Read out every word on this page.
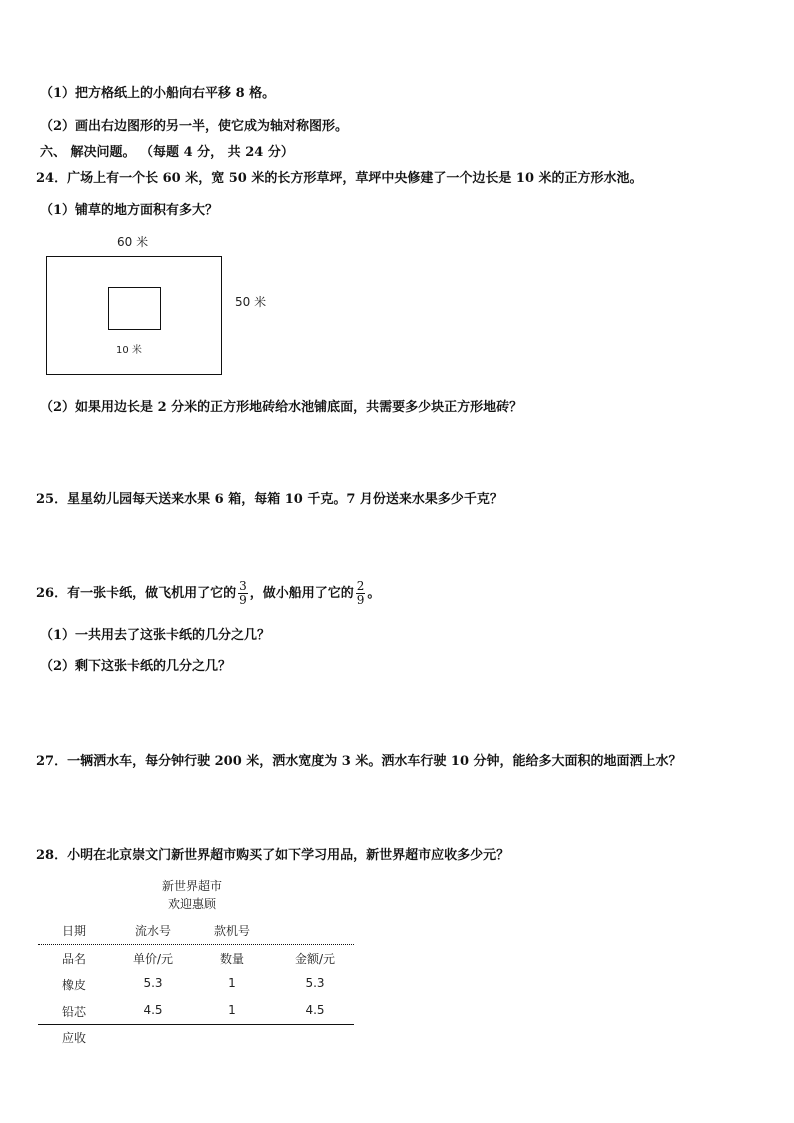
（1）把方格纸上的小船向右平移 8 格。
（2）画出右边图形的另一半，使它成为轴对称图形。
六、 解决问题。 （每题 4 分， 共 24 分）
24．广场上有一个长 60 米，宽 50 米的长方形草坪，草坪中央修建了一个边长是 10 米的正方形水池。
（1）铺草的地方面积有多大？
60 米
10 米
50 米
（2）如果用边长是 2 分米的正方形地砖给水池铺底面，共需要多少块正方形地砖？
25．星星幼儿园每天送来水果 6 箱，每箱 10 千克。7 月份送来水果多少千克？
26．有一张卡纸，做飞机用了它的 $\frac{3}{9}$ ，做小船用了它的 $\frac{2}{9}$ 。
（1）一共用去了这张卡纸的几分之几？
（2）剩下这张卡纸的几分之几？
27．一辆洒水车，每分钟行驶 200 米，洒水宽度为 3 米。洒水车行驶 10 分钟，能给多大面积的地面洒上水？
28．小明在北京崇文门新世界超市购买了如下学习用品，新世界超市应收多少元？
新世界超市
欢迎惠顾
日期	流水号	款机号
品名	单价/元	数量	金额/元
橡皮	5.3	1	5.3
铅芯	4.5	1	4.5
应收
